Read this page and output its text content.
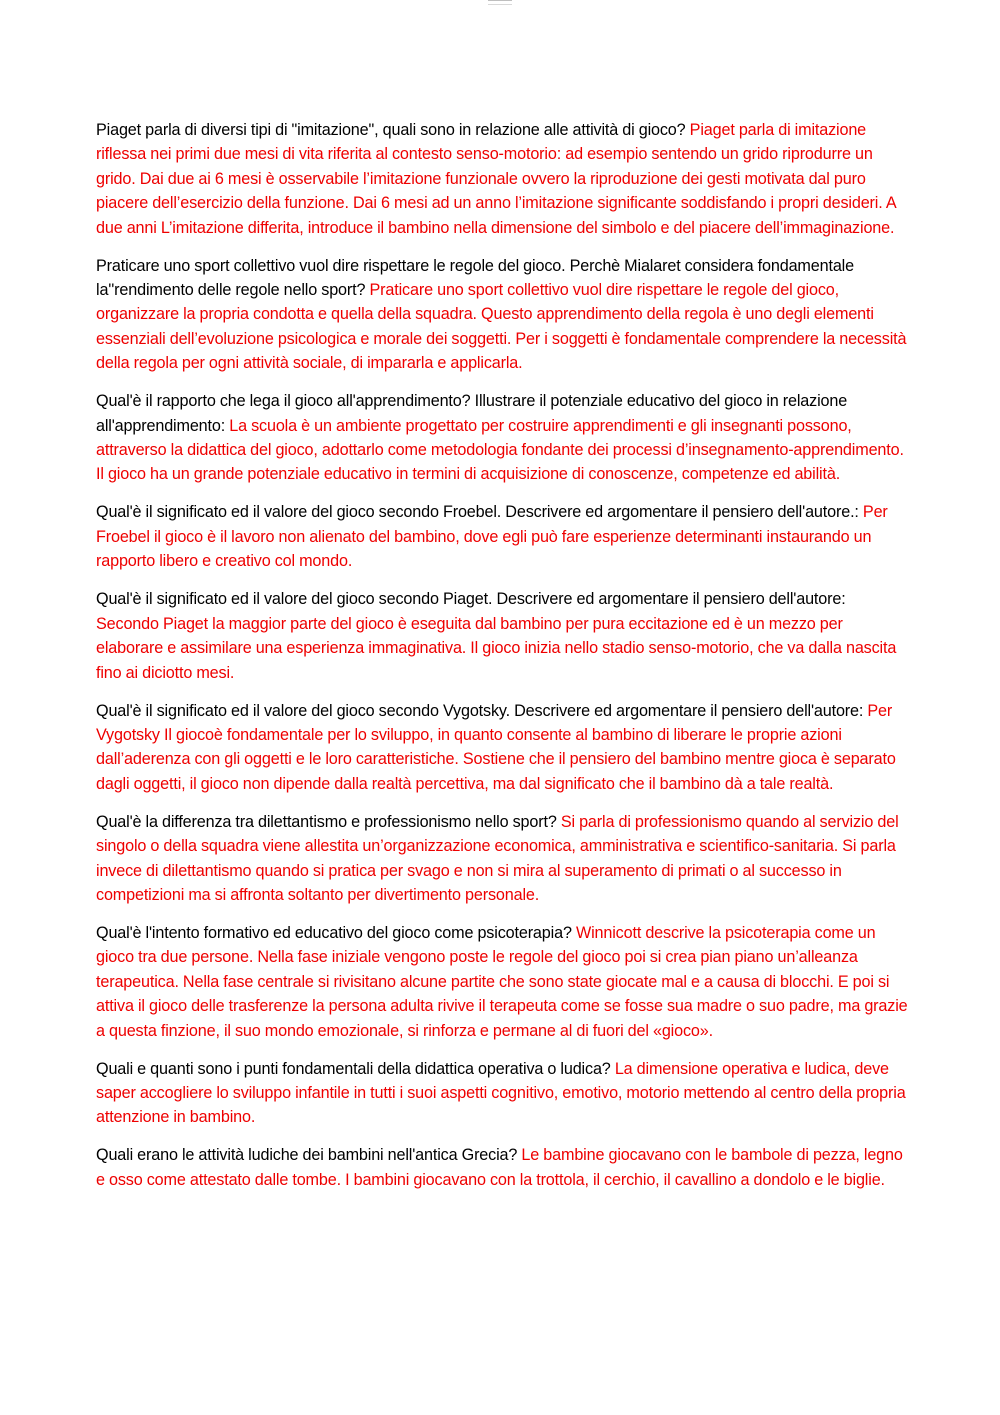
Piaget parla di diversi tipi di "imitazione", quali sono in relazione alle attività di gioco? Piaget parla di imitazione riflessa nei primi due mesi di vita riferita al contesto senso-motorio: ad esempio sentendo un grido riprodurre un grido. Dai due ai 6 mesi è osservabile l’imitazione funzionale ovvero la riproduzione dei gesti motivata dal puro piacere dell’esercizio della funzione. Dai 6 mesi ad un anno l’imitazione significante soddisfando i propri desideri. A due anni L’imitazione differita, introduce il bambino nella dimensione del simbolo e del piacere dell’immaginazione.

Praticare uno sport collettivo vuol dire rispettare le regole del gioco. Perchè Mialaret considera fondamentale la''rendimento delle regole nello sport? Praticare uno sport collettivo vuol dire rispettare le regole del gioco, organizzare la propria condotta e quella della squadra. Questo apprendimento della regola è uno degli elementi essenziali dell’evoluzione psicologica e morale dei soggetti. Per i soggetti è fondamentale comprendere la necessità della regola per ogni attività sociale, di impararla e applicarla.

Qual'è il rapporto che lega il gioco all'apprendimento? Illustrare il potenziale educativo del gioco in relazione all'apprendimento: La scuola è un ambiente progettato per costruire apprendimenti e gli insegnanti possono, attraverso la didattica del gioco, adottarlo come metodologia fondante dei processi d’insegnamento-apprendimento. Il gioco ha un grande potenziale educativo in termini di acquisizione di conoscenze, competenze ed abilità.

Qual'è il significato ed il valore del gioco secondo Froebel. Descrivere ed argomentare il pensiero dell'autore.: Per Froebel il gioco è il lavoro non alienato del bambino, dove egli può fare esperienze determinanti instaurando un rapporto libero e creativo col mondo.

Qual'è il significato ed il valore del gioco secondo Piaget. Descrivere ed argomentare il pensiero dell'autore: Secondo Piaget la maggior parte del gioco è eseguita dal bambino per pura eccitazione ed è un mezzo per elaborare e assimilare una esperienza immaginativa. Il gioco inizia nello stadio senso-motorio, che va dalla nascita fino ai diciotto mesi.

Qual'è il significato ed il valore del gioco secondo Vygotsky. Descrivere ed argomentare il pensiero dell'autore: Per Vygotsky Il giocoè fondamentale per lo sviluppo, in quanto consente al bambino di liberare le proprie azioni dall’aderenza con gli oggetti e le loro caratteristiche. Sostiene che il pensiero del bambino mentre gioca è separato dagli oggetti, il gioco non dipende dalla realtà percettiva, ma dal significato che il bambino dà a tale realtà.

Qual'è la differenza tra dilettantismo e professionismo nello sport? Si parla di professionismo quando al servizio del singolo o della squadra viene allestita un’organizzazione economica, amministrativa e scientifico-sanitaria. Si parla invece di dilettantismo quando si pratica per svago e non si mira al superamento di primati o al successo in competizioni ma si affronta soltanto per divertimento personale.

Qual'è l'intento formativo ed educativo del gioco come psicoterapia? Winnicott descrive la psicoterapia come un gioco tra due persone. Nella fase iniziale vengono poste le regole del gioco poi si crea pian piano un’alleanza terapeutica. Nella fase centrale si rivisitano alcune partite che sono state giocate mal e a causa di blocchi. E poi si attiva il gioco delle trasferenze la persona adulta rivive il terapeuta come se fosse sua madre o suo padre, ma grazie a questa finzione, il suo mondo emozionale, si rinforza e permane al di fuori del «gioco».

Quali e quanti sono i punti fondamentali della didattica operativa o ludica? La dimensione operativa e ludica, deve saper accogliere lo sviluppo infantile in tutti i suoi aspetti cognitivo, emotivo, motorio mettendo al centro della propria attenzione in bambino.

Quali erano le attività ludiche dei bambini nell'antica Grecia? Le bambine giocavano con le bambole di pezza, legno e osso come attestato dalle tombe. I bambini giocavano con la trottola, il cerchio, il cavallino a dondolo e le biglie.
